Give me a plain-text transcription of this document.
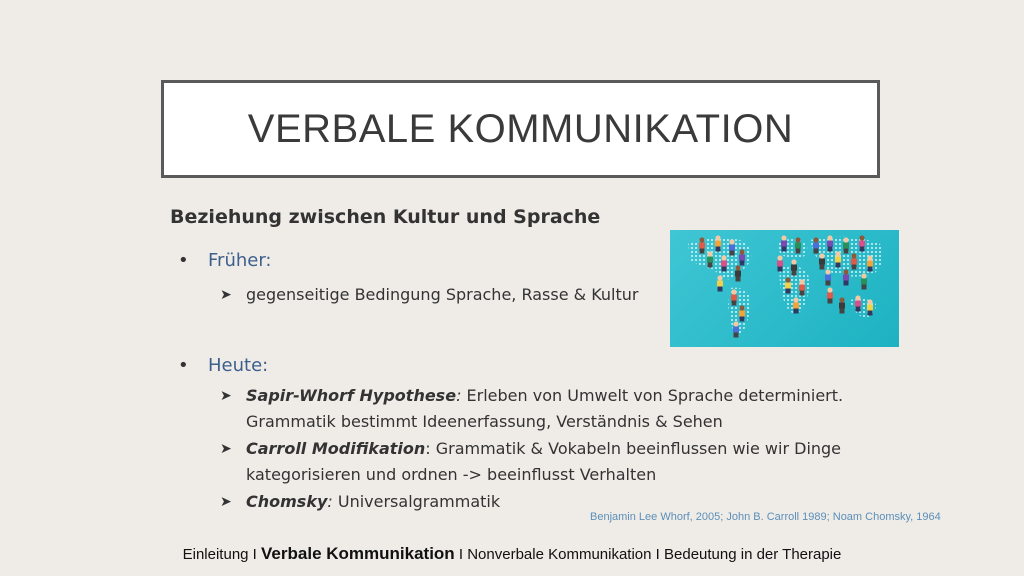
VERBALE KOMMUNIKATION
Beziehung zwischen Kultur und Sprache
• Früher:
➤ gegenseitige Bedingung Sprache, Rasse & Kultur
• Heute:
➤ Sapir-Whorf Hypothese: Erleben von Umwelt von Sprache determiniert.
Grammatik bestimmt Ideenerfassung, Verständnis & Sehen
➤ Carroll Modifikation: Grammatik & Vokabeln beeinflussen wie wir Dinge
kategorisieren und ordnen -> beeinflusst Verhalten
➤ Chomsky: Universalgrammatik
Benjamin Lee Whorf, 2005; John B. Carroll 1989; Noam Chomsky, 1964
Einleitung I Verbale Kommunikation I Nonverbale Kommunikation I Bedeutung in der Therapie
